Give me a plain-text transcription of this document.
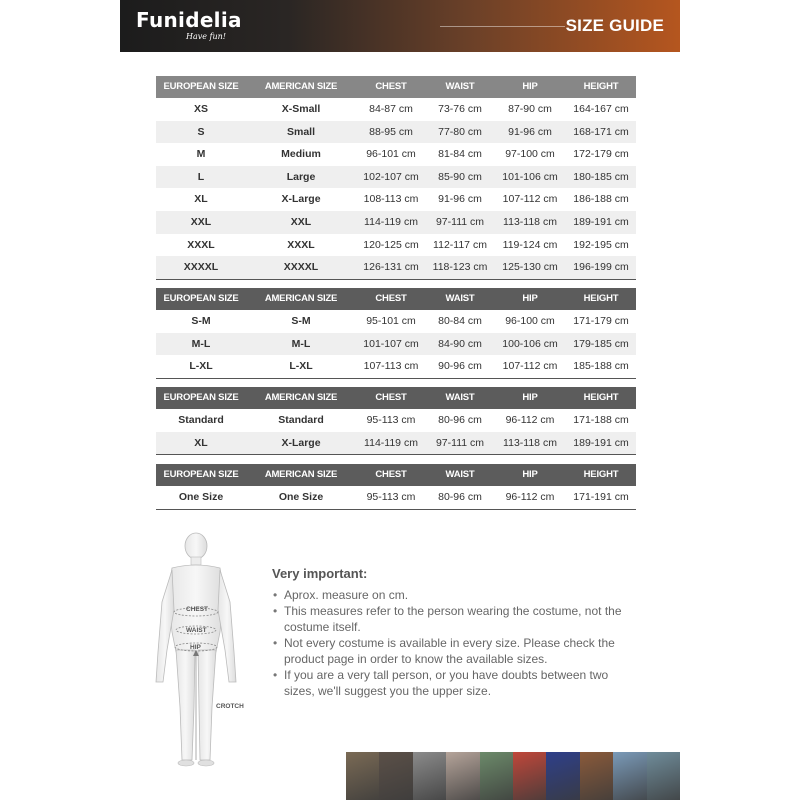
Funidelia
Have fun!
SIZE GUIDE
EUROPEAN SIZE	AMERICAN SIZE	CHEST	WAIST	HIP	HEIGHT
XS	X-Small	84-87 cm	73-76 cm	87-90 cm	164-167 cm
S	Small	88-95 cm	77-80 cm	91-96 cm	168-171 cm
M	Medium	96-101 cm	81-84 cm	97-100 cm	172-179 cm
L	Large	102-107 cm	85-90 cm	101-106 cm	180-185 cm
XL	X-Large	108-113 cm	91-96 cm	107-112 cm	186-188 cm
XXL	XXL	114-119 cm	97-111 cm	113-118 cm	189-191 cm
XXXL	XXXL	120-125 cm	112-117 cm	119-124 cm	192-195 cm
XXXXL	XXXXL	126-131 cm	118-123 cm	125-130 cm	196-199 cm
EUROPEAN SIZE	AMERICAN SIZE	CHEST	WAIST	HIP	HEIGHT
S-M	S-M	95-101 cm	80-84 cm	96-100 cm	171-179 cm
M-L	M-L	101-107 cm	84-90 cm	100-106 cm	179-185 cm
L-XL	L-XL	107-113 cm	90-96 cm	107-112 cm	185-188 cm
EUROPEAN SIZE	AMERICAN SIZE	CHEST	WAIST	HIP	HEIGHT
Standard	Standard	95-113 cm	80-96 cm	96-112 cm	171-188 cm
XL	X-Large	114-119 cm	97-111 cm	113-118 cm	189-191 cm
EUROPEAN SIZE	AMERICAN SIZE	CHEST	WAIST	HIP	HEIGHT
One Size	One Size	95-113 cm	80-96 cm	96-112 cm	171-191 cm
CHEST
WAIST
HIP
CROTCH
Very important:
• Aprox. measure on cm.
• This measures refer to the person wearing the costume, not the costume itself.
• Not every costume is available in every size. Please check the product page in order to know the available sizes.
• If you are a very tall person, or you have doubts between two sizes, we'll suggest you the upper size.
